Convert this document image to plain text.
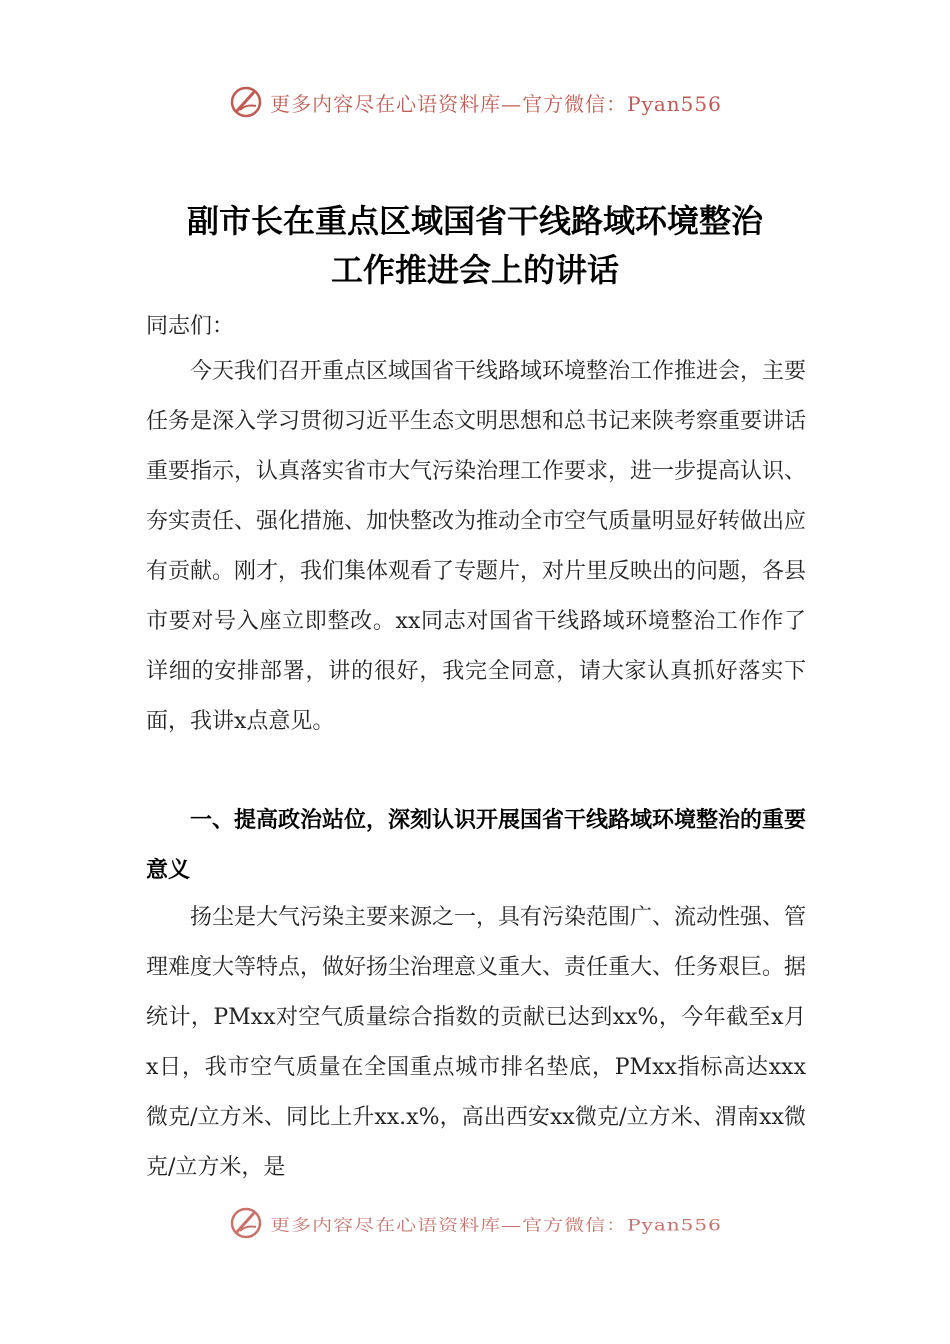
更多内容尽在心语资料库—官方微信：Pyan556
副市长在重点区域国省干线路域环境整治
工作推进会上的讲话

同志们：

今天我们召开重点区域国省干线路域环境整治工作推进会，主要任务是深入学习贯彻习近平生态文明思想和总书记来陕考察重要讲话重要指示，认真落实省市大气污染治理工作要求，进一步提高认识、夯实责任、强化措施、加快整改为推动全市空气质量明显好转做出应有贡献。刚才，我们集体观看了专题片，对片里反映出的问题，各县市要对号入座立即整改。xx同志对国省干线路域环境整治工作作了详细的安排部署，讲的很好，我完全同意，请大家认真抓好落实下面，我讲x点意见。

一、提高政治站位，深刻认识开展国省干线路域环境整治的重要意义

扬尘是大气污染主要来源之一，具有污染范围广、流动性强、管理难度大等特点，做好扬尘治理意义重大、责任重大、任务艰巨。据统计，PMxx对空气质量综合指数的贡献已达到xx%，今年截至x月x日，我市空气质量在全国重点城市排名垫底，PMxx指标高达xxx微克/立方米、同比上升xx.x%，高出西安xx微克/立方米、渭南xx微克/立方米，是

更多内容尽在心语资料库—官方微信：Pyan556
